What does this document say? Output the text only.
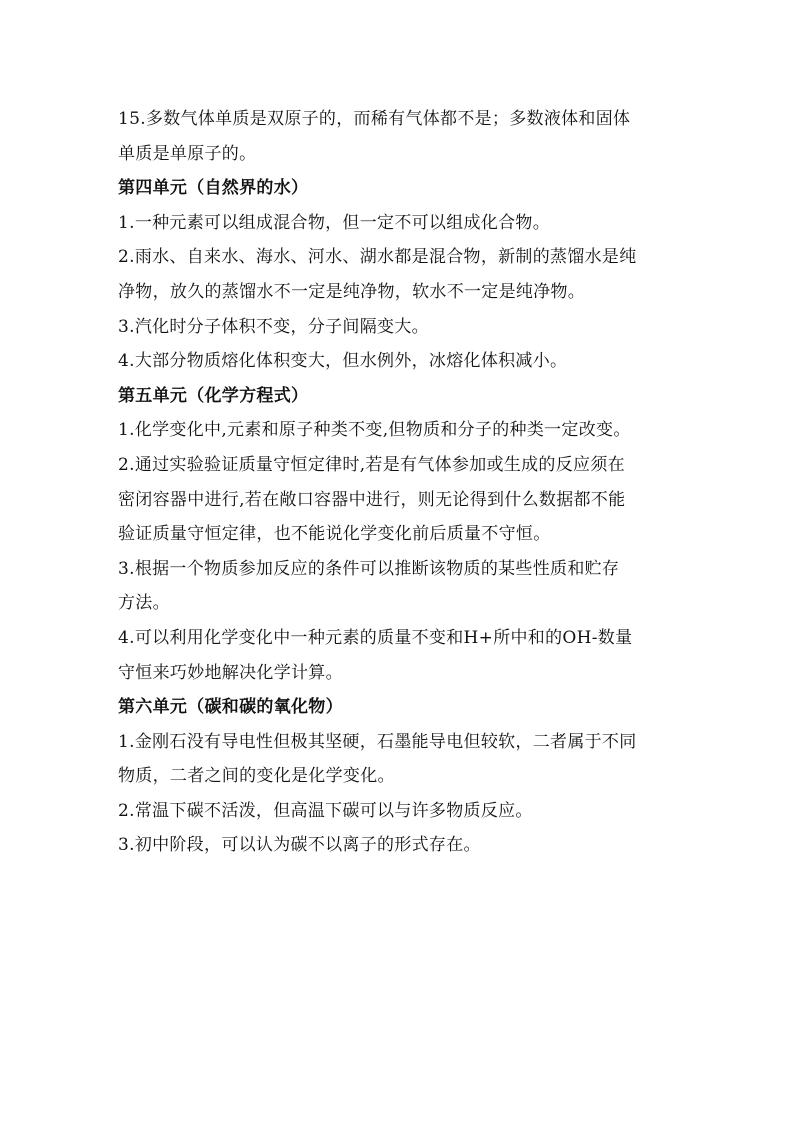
15.多数气体单质是双原子的，而稀有气体都不是；多数液体和固体
单质是单原子的。
第四单元（自然界的水）
1.一种元素可以组成混合物，但一定不可以组成化合物。
2.雨水、自来水、海水、河水、湖水都是混合物，新制的蒸馏水是纯
净物，放久的蒸馏水不一定是纯净物，软水不一定是纯净物。
3.汽化时分子体积不变，分子间隔变大。
4.大部分物质熔化体积变大，但水例外，冰熔化体积减小。
第五单元（化学方程式）
1.化学变化中,元素和原子种类不变,但物质和分子的种类一定改变。
2.通过实验验证质量守恒定律时,若是有气体参加或生成的反应须在
密闭容器中进行,若在敞口容器中进行，则无论得到什么数据都不能
验证质量守恒定律，也不能说化学变化前后质量不守恒。
3.根据一个物质参加反应的条件可以推断该物质的某些性质和贮存
方法。
4.可以利用化学变化中一种元素的质量不变和H+所中和的OH-数量
守恒来巧妙地解决化学计算。
第六单元（碳和碳的氧化物）
1.金刚石没有导电性但极其坚硬，石墨能导电但较软，二者属于不同
物质，二者之间的变化是化学变化。
2.常温下碳不活泼，但高温下碳可以与许多物质反应。
3.初中阶段，可以认为碳不以离子的形式存在。
